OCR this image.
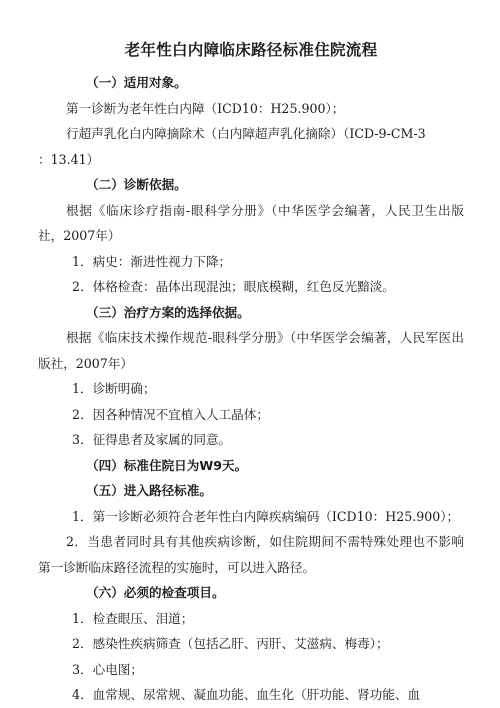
老年性白内障临床路径标准住院流程

（一）适用对象。

第一诊断为老年性白内障（ICD10：H25.900）；

行超声乳化白内障摘除术（白内障超声乳化摘除）（ICD-9-CM-3

：13.41）

（二）诊断依据。

根据《临床诊疗指南-眼科学分册》（中华医学会编著，人民卫生出版社，2007年）

1．病史：渐进性视力下降；

2．体格检查：晶体出现混浊；眼底模糊，红色反光黯淡。

（三）治疗方案的选择依据。

根据《临床技术操作规范-眼科学分册》（中华医学会编著，人民军医出版社，2007年）

1．诊断明确；

2．因各种情况不宜植入人工晶体；

3．征得患者及家属的同意。

（四）标准住院日为W9天。

（五）进入路径标准。

1．第一诊断必须符合老年性白内障疾病编码（ICD10：H25.900）；

2．当患者同时具有其他疾病诊断，如住院期间不需特殊处理也不影响第一诊断临床路径流程的实施时，可以进入路径。

（六）必须的检查项目。

1．检查眼压、泪道；

2．感染性疾病筛查（包括乙肝、丙肝、艾滋病、梅毒）；

3．心电图；

4．血常规、尿常规、凝血功能、血生化（肝功能、肾功能、血
